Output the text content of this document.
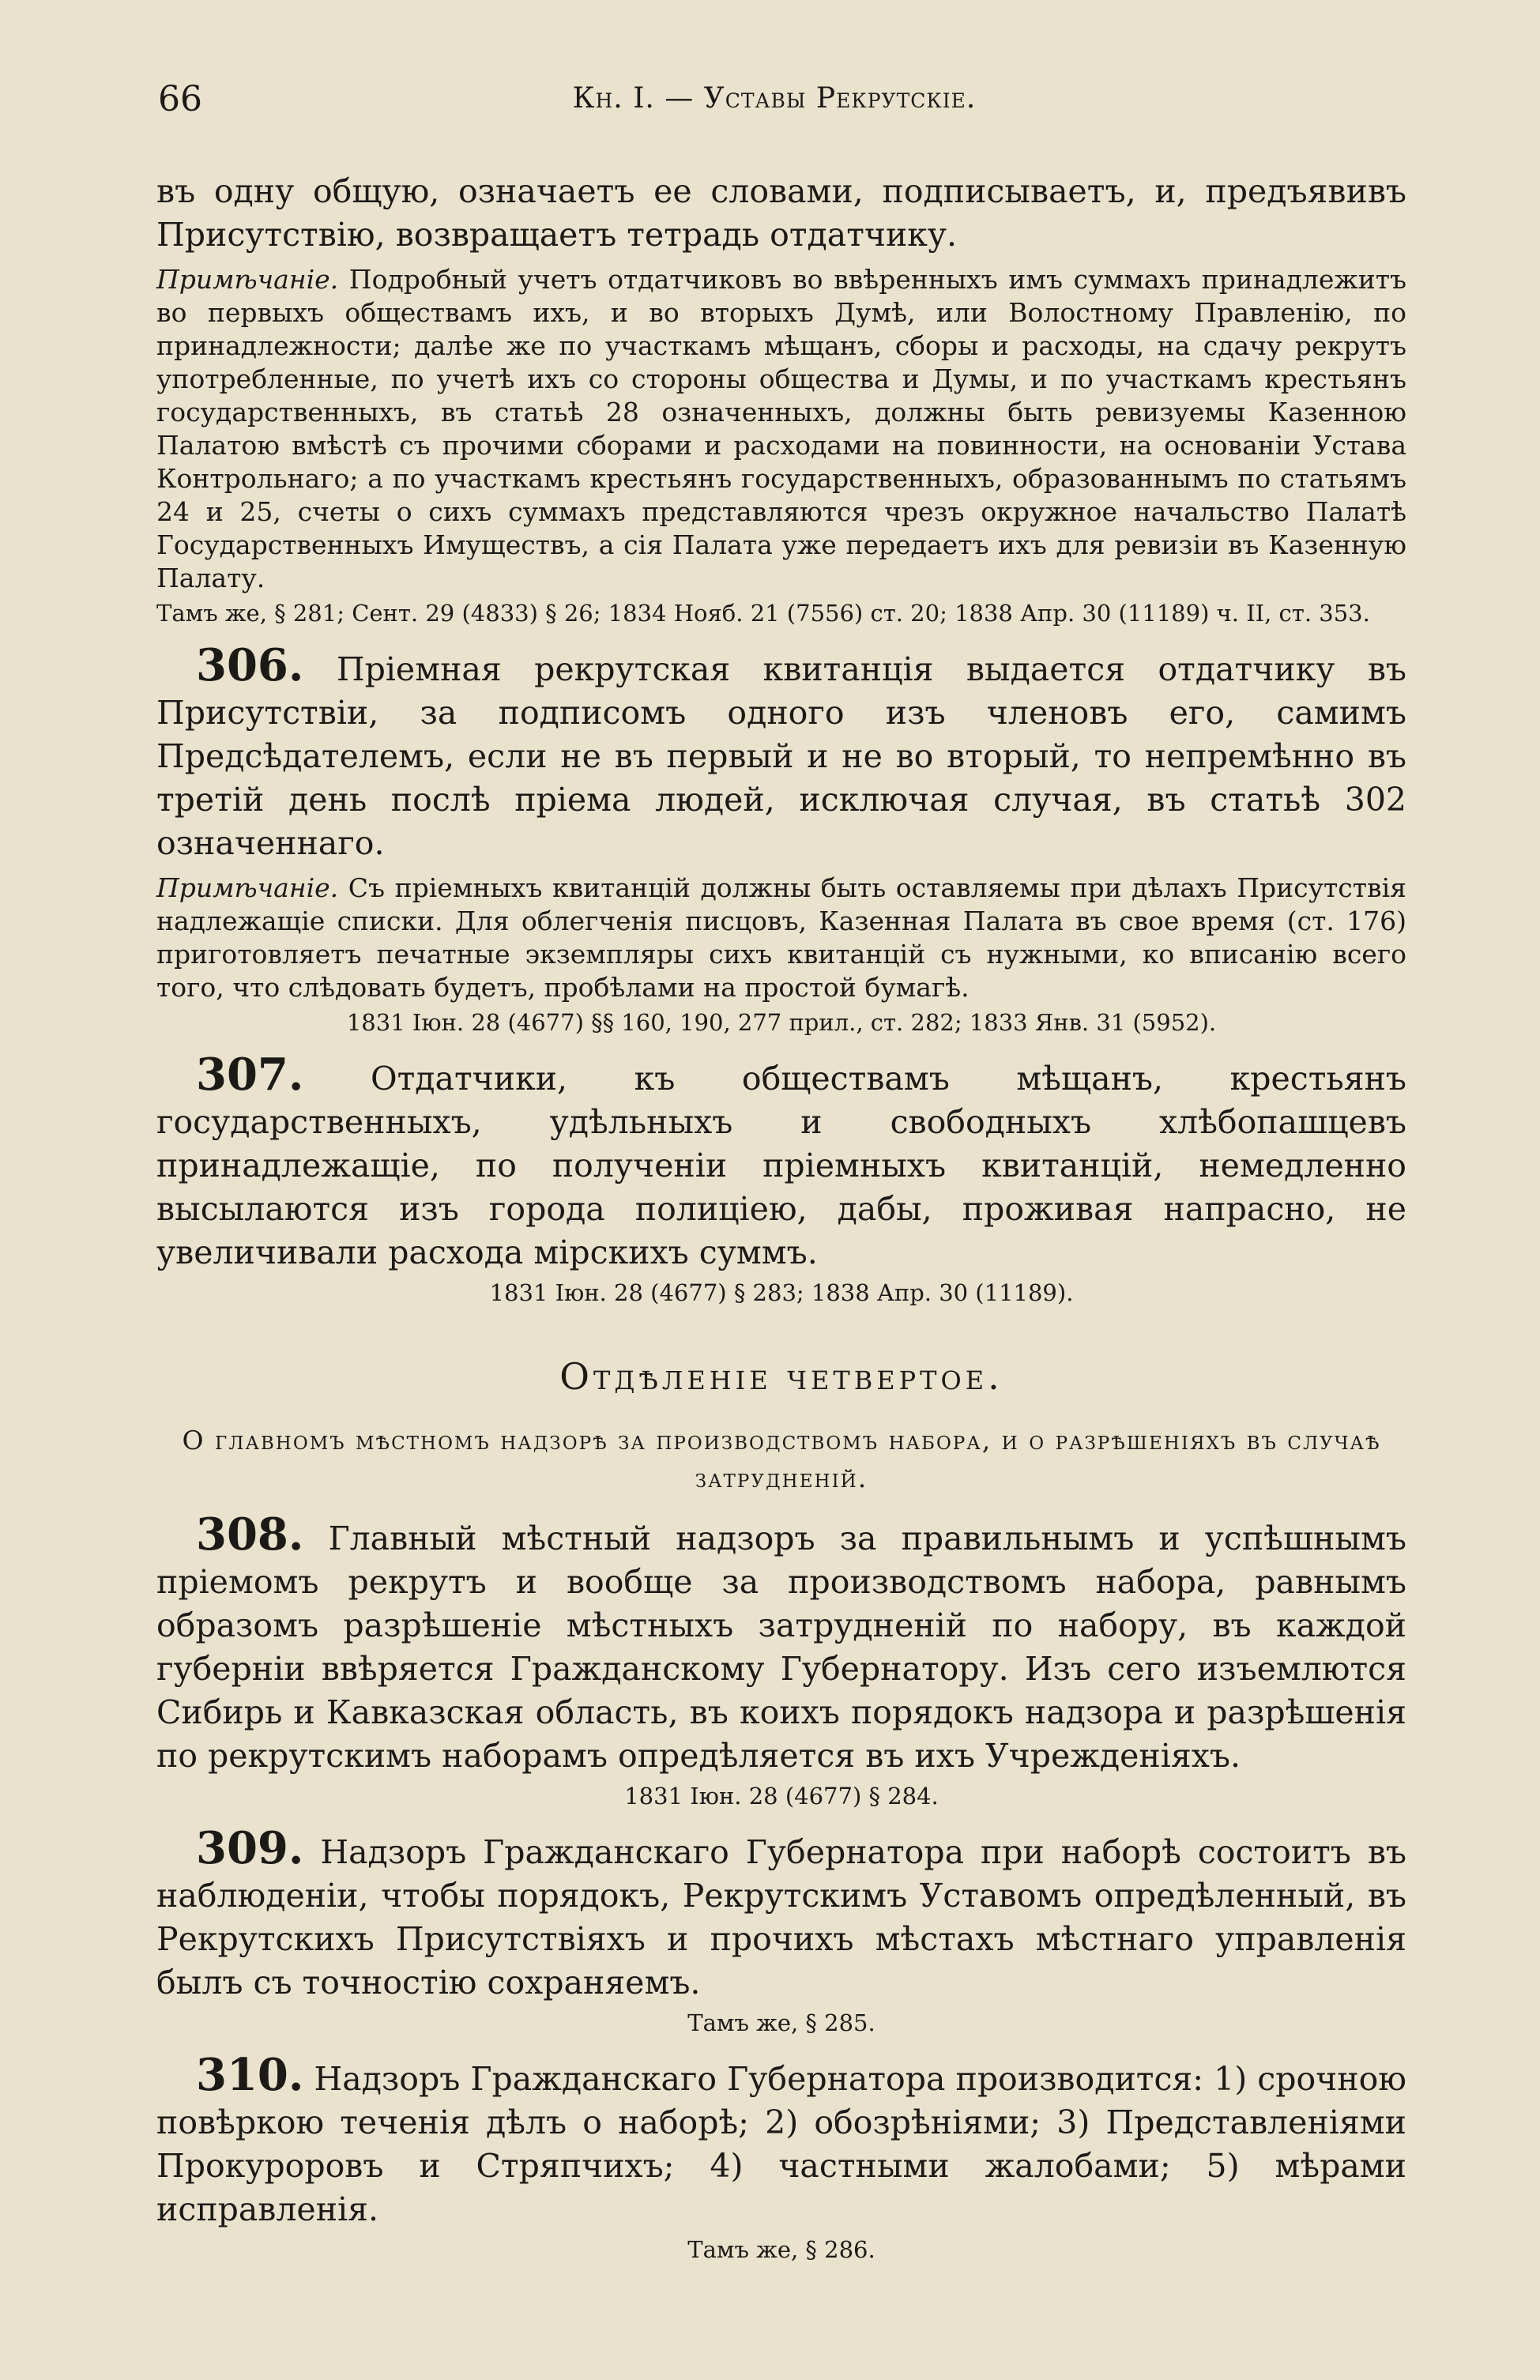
66	Кн. I. — Уставы Рекрутскіе.

въ одну общую, означаетъ ее словами, подписываетъ, и, предъявивъ Присутствію, возвращаетъ тетрадь отдатчику.

Примѣчаніе. Подробный учетъ отдатчиковъ во ввѣренныхъ имъ суммахъ принадлежитъ во первыхъ обществамъ ихъ, и во вторыхъ Думѣ, или Волостному Правленію, по принадлежности; далѣе же по участкамъ мѣщанъ, сборы и расходы, на сдачу рекрутъ употребленные, по учетѣ ихъ со стороны общества и Думы, и по участкамъ крестьянъ государственныхъ, въ статьѣ 28 означенныхъ, должны быть ревизуемы Казенною Палатою вмѣстѣ съ прочими сборами и расходами на повинности, на основаніи Устава Контрольнаго; а по участкамъ крестьянъ государственныхъ, образованнымъ по статьямъ 24 и 25, счеты о сихъ суммахъ представляются чрезъ окружное начальство Палатѣ Государственныхъ Имуществъ, а сія Палата уже передаетъ ихъ для ревизіи въ Казенную Палату.

Тамъ же, § 281; Сент. 29 (4833) § 26; 1834 Нояб. 21 (7556) ст. 20; 1838 Апр. 30 (11189) ч. II, ст. 353.

306. Пріемная рекрутская квитанція выдается отдатчику въ Присутствіи, за подписомъ одного изъ членовъ его, самимъ Предсѣдателемъ, если не въ первый и не во вторый, то непремѣнно въ третій день послѣ пріема людей, исключая случая, въ статьѣ 302 означеннаго.

Примѣчаніе. Съ пріемныхъ квитанцій должны быть оставляемы при дѣлахъ Присутствія надлежащіе списки. Для облегченія писцовъ, Казенная Палата въ свое время (ст. 176) приготовляетъ печатные экземпляры сихъ квитанцій съ нужными, ко вписанію всего того, что слѣдовать будетъ, пробѣлами на простой бумагѣ.

1831 Іюн. 28 (4677) §§ 160, 190, 277 прил., ст. 282; 1833 Янв. 31 (5952).

307. Отдатчики, къ обществамъ мѣщанъ, крестьянъ государственныхъ, удѣльныхъ и свободныхъ хлѣбопашцевъ принадлежащіе, по полученіи пріемныхъ квитанцій, немедленно высылаются изъ города полиціею, дабы, проживая напрасно, не увеличивали расхода мірскихъ суммъ.

1831 Іюн. 28 (4677) § 283; 1838 Апр. 30 (11189).

Отдѣленіе четвертое.

О главномъ мѣстномъ надзорѣ за производствомъ набора, и о разрѣшеніяхъ въ случаѣ затрудненій.

308. Главный мѣстный надзоръ за правильнымъ и успѣшнымъ пріемомъ рекрутъ и вообще за производствомъ набора, равнымъ образомъ разрѣшеніе мѣстныхъ затрудненій по набору, въ каждой губерніи ввѣряется Гражданскому Губернатору. Изъ сего изъемлются Сибирь и Кавказская область, въ коихъ порядокъ надзора и разрѣшенія по рекрутскимъ наборамъ опредѣляется въ ихъ Учрежденіяхъ.

1831 Іюн. 28 (4677) § 284.

309. Надзоръ Гражданскаго Губернатора при наборѣ состоитъ въ наблюденіи, чтобы порядокъ, Рекрутскимъ Уставомъ опредѣленный, въ Рекрутскихъ Присутствіяхъ и прочихъ мѣстахъ мѣстнаго управленія былъ съ точностію сохраняемъ.

Тамъ же, § 285.

310. Надзоръ Гражданскаго Губернатора производится: 1) срочною повѣркою теченія дѣлъ о наборѣ; 2) обозрѣніями; 3) Представленіями Прокуроровъ и Стряпчихъ; 4) частными жалобами; 5) мѣрами исправленія.

Тамъ же, § 286.
